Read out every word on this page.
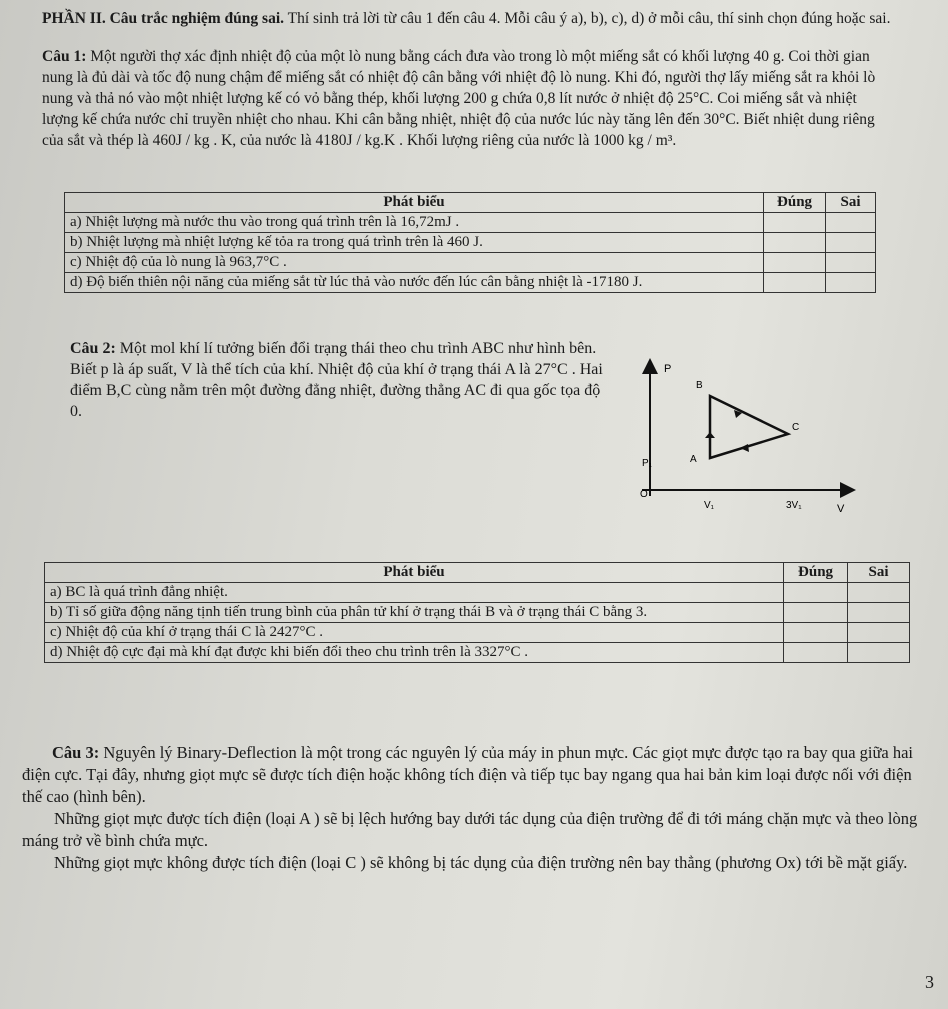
PHẦN II. Câu trắc nghiệm đúng sai. Thí sinh trả lời từ câu 1 đến câu 4. Mỗi câu ý a), b), c), d) ở mỗi câu, thí sinh chọn đúng hoặc sai.
Câu 1: Một người thợ xác định nhiệt độ của một lò nung bằng cách đưa vào trong lò một miếng sắt có khối lượng 40 g. Coi thời gian nung là đủ dài và tốc độ nung chậm để miếng sắt có nhiệt độ cân bằng với nhiệt độ lò nung. Khi đó, người thợ lấy miếng sắt ra khỏi lò nung và thả nó vào một nhiệt lượng kế có vỏ bằng thép, khối lượng 200 g chứa 0,8 lít nước ở nhiệt độ 25°C. Coi miếng sắt và nhiệt lượng kế chứa nước chỉ truyền nhiệt cho nhau. Khi cân bằng nhiệt, nhiệt độ của nước lúc này tăng lên đến 30°C. Biết nhiệt dung riêng của sắt và thép là 460J / kg . K, của nước là 4180J / kg.K . Khối lượng riêng của nước là 1000 kg / m³.
Phát biểu	Đúng	Sai
a) Nhiệt lượng mà nước thu vào trong quá trình trên là 16,72mJ .		
b) Nhiệt lượng mà nhiệt lượng kế tỏa ra trong quá trình trên là 460 J.		
c) Nhiệt độ của lò nung là 963,7°C .		
d) Độ biến thiên nội năng của miếng sắt từ lúc thả vào nước đến lúc cân bằng nhiệt là -17180 J.		
Câu 2: Một mol khí lí tưởng biến đổi trạng thái theo chu trình ABC như hình bên. Biết p là áp suất, V là thể tích của khí. Nhiệt độ của khí ở trạng thái A là 27°C . Hai điểm B,C cùng nằm trên một đường đẳng nhiệt, đường thẳng AC đi qua gốc tọa độ 0.
P
V
O
P₁
V₁	3V₁
A
B
C
Phát biểu	Đúng	Sai
a) BC là quá trình đẳng nhiệt.		
b) Tỉ số giữa động năng tịnh tiến trung bình của phân tử khí ở trạng thái B và ở trạng thái C bằng 3.		
c) Nhiệt độ của khí ở trạng thái C là 2427°C .		
d) Nhiệt độ cực đại mà khí đạt được khi biến đổi theo chu trình trên là 3327°C .		

Câu 3: Nguyên lý Binary-Deflection là một trong các nguyên lý của máy in phun mực. Các giọt mực được tạo ra bay qua giữa hai điện cực. Tại đây, nhưng giọt mực sẽ được tích điện hoặc không tích điện và tiếp tục bay ngang qua hai bản kim loại được nối với điện thế cao (hình bên).

Những giọt mực được tích điện (loại A ) sẽ bị lệch hướng bay dưới tác dụng của điện trường để đi tới máng chặn mực và theo lòng máng trở về bình chứa mực.

Những giọt mực không được tích điện (loại C ) sẽ không bị tác dụng của điện trường nên bay thẳng (phương Ox) tới bề mặt giấy.

3
